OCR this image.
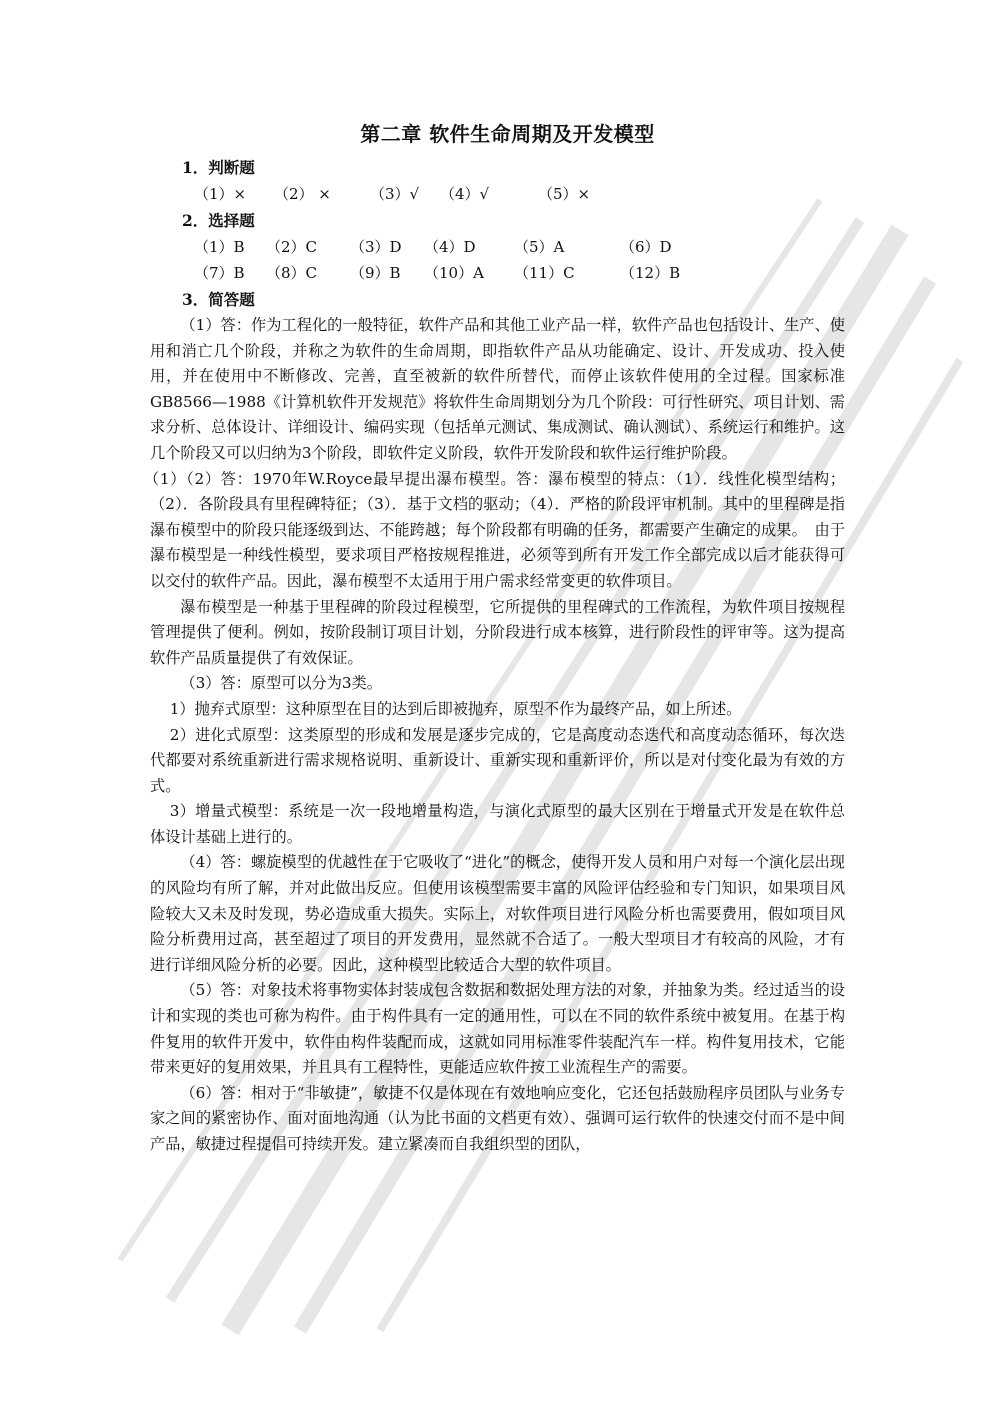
第二章 软件生命周期及开发模型
1．判断题
（1）×	（2） ×	（3）√	（4）√	（5）×
2．选择题
（1）B	（2）C	（3）D	（4）D	（5）A	（6）D
（7）B	（8）C	（9）B	（10）A	（11）C	（12）B
3．简答题

（1）答：作为工程化的一般特征，软件产品和其他工业产品一样，软件产品也包括设计、生产、使用和消亡几个阶段，并称之为软件的生命周期，即指软件产品从功能确定、设计、开发成功、投入使用，并在使用中不断修改、完善，直至被新的软件所替代，而停止该软件使用的全过程。国家标准GB8566—1988《计算机软件开发规范》将软件生命周期划分为几个阶段：可行性研究、项目计划、需求分析、总体设计、详细设计、编码实现（包括单元测试、集成测试、确认测试）、系统运行和维护。这几个阶段又可以归纳为3个阶段，即软件定义阶段，软件开发阶段和软件运行维护阶段。

（1）（2）答：1970年W.Royce最早提出瀑布模型。答：瀑布模型的特点：（1）．线性化模型结构；（2）．各阶段具有里程碑特征；（3）．基于文档的驱动；（4）．严格的阶段评审机制。其中的里程碑是指瀑布模型中的阶段只能逐级到达、不能跨越；每个阶段都有明确的任务，都需要产生确定的成果。　由于瀑布模型是一种线性模型，要求项目严格按规程推进，必须等到所有开发工作全部完成以后才能获得可以交付的软件产品。因此，瀑布模型不太适用于用户需求经常变更的软件项目。

瀑布模型是一种基于里程碑的阶段过程模型，它所提供的里程碑式的工作流程，为软件项目按规程管理提供了便利。例如，按阶段制订项目计划，分阶段进行成本核算，进行阶段性的评审等。这为提高软件产品质量提供了有效保证。

（3）答：原型可以分为3类。

1）抛弃式原型：这种原型在目的达到后即被抛弃，原型不作为最终产品，如上所述。

2）进化式原型：这类原型的形成和发展是逐步完成的，它是高度动态迭代和高度动态循环，每次迭代都要对系统重新进行需求规格说明、重新设计、重新实现和重新评价，所以是对付变化最为有效的方式。

3）增量式模型：系统是一次一段地增量构造，与演化式原型的最大区别在于增量式开发是在软件总体设计基础上进行的。

（4）答：螺旋模型的优越性在于它吸收了“进化”的概念，使得开发人员和用户对每一个演化层出现的风险均有所了解，并对此做出反应。但使用该模型需要丰富的风险评估经验和专门知识，如果项目风险较大又未及时发现，势必造成重大损失。实际上，对软件项目进行风险分析也需要费用，假如项目风险分析费用过高，甚至超过了项目的开发费用，显然就不合适了。一般大型项目才有较高的风险，才有进行详细风险分析的必要。因此，这种模型比较适合大型的软件项目。

（5）答：对象技术将事物实体封装成包含数据和数据处理方法的对象，并抽象为类。经过适当的设计和实现的类也可称为构件。由于构件具有一定的通用性，可以在不同的软件系统中被复用。在基于构件复用的软件开发中，软件由构件装配而成，这就如同用标准零件装配汽车一样。构件复用技术，它能带来更好的复用效果，并且具有工程特性，更能适应软件按工业流程生产的需要。

（6）答：相对于“非敏捷”，敏捷不仅是体现在有效地响应变化，它还包括鼓励程序员团队与业务专家之间的紧密协作、面对面地沟通（认为比书面的文档更有效）、强调可运行软件的快速交付而不是中间产品，敏捷过程提倡可持续开发。建立紧凑而自我组织型的团队，
